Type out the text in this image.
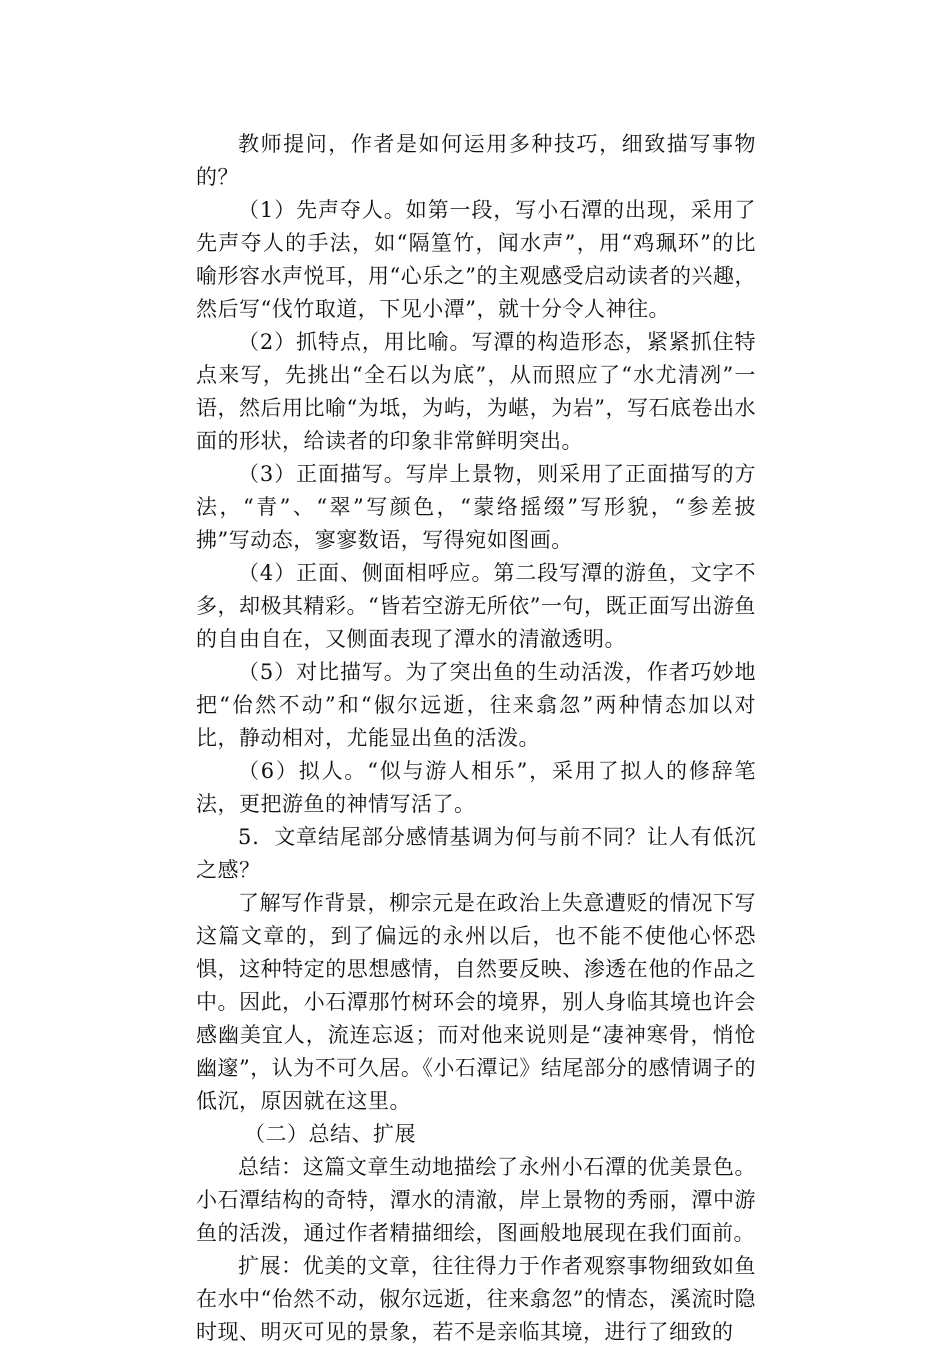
教师提问，作者是如何运用多种技巧，细致描写事物的？

（1）先声夺人。如第一段，写小石潭的出现，采用了先声夺人的手法，如“隔篁竹，闻水声”，用“鸡珮环”的比喻形容水声悦耳，用“心乐之”的主观感受启动读者的兴趣，然后写“伐竹取道，下见小潭”，就十分令人神往。

（2）抓特点，用比喻。写潭的构造形态，紧紧抓住特点来写，先挑出“全石以为底”，从而照应了“水尤清冽”一语，然后用比喻“为坻，为屿，为嵁，为岩”，写石底卷出水面的形状，给读者的印象非常鲜明突出。

（3）正面描写。写岸上景物，则采用了正面描写的方法，“青”、“翠”写颜色，“蒙络摇缀”写形貌，“参差披拂”写动态，寥寥数语，写得宛如图画。

（4）正面、侧面相呼应。第二段写潭的游鱼，文字不多，却极其精彩。“皆若空游无所依”一句，既正面写出游鱼的自由自在，又侧面表现了潭水的清澈透明。

（5）对比描写。为了突出鱼的生动活泼，作者巧妙地把“佁然不动”和“俶尔远逝，往来翕忽”两种情态加以对比，静动相对，尤能显出鱼的活泼。

（6）拟人。“似与游人相乐”，采用了拟人的修辞笔法，更把游鱼的神情写活了。

5．文章结尾部分感情基调为何与前不同？让人有低沉之感？

了解写作背景，柳宗元是在政治上失意遭贬的情况下写这篇文章的，到了偏远的永州以后，也不能不使他心怀恐惧，这种特定的思想感情，自然要反映、渗透在他的作品之中。因此，小石潭那竹树环会的境界，别人身临其境也许会感幽美宜人，流连忘返；而对他来说则是“凄神寒骨，悄怆幽邃”，认为不可久居。《小石潭记》结尾部分的感情调子的低沉，原因就在这里。

（二）总结、扩展

总结：这篇文章生动地描绘了永州小石潭的优美景色。小石潭结构的奇特，潭水的清澈，岸上景物的秀丽，潭中游鱼的活泼，通过作者精描细绘，图画般地展现在我们面前。

扩展：优美的文章，往往得力于作者观察事物细致如鱼在水中“佁然不动，俶尔远逝，往来翕忽”的情态，溪流时隐时现、明灭可见的景象，若不是亲临其境，进行了细致的
